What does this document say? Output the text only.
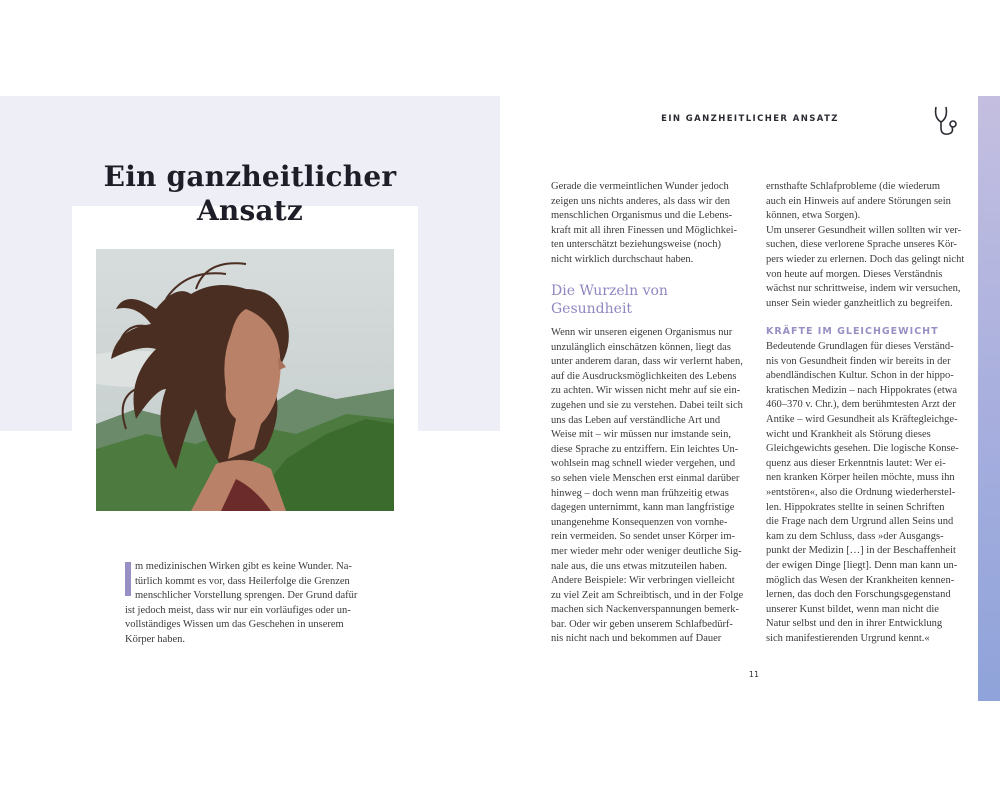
Ein ganzheitlicher
Ansatz
m medizinischen Wirken gibt es keine Wunder. Na-
türlich kommt es vor, dass Heilerfolge die Grenzen
menschlicher Vorstellung sprengen. Der Grund dafür
ist jedoch meist, dass wir nur ein vorläufiges oder un-
vollständiges Wissen um das Geschehen in unserem
Körper haben.
EIN GANZHEITLICHER ANSATZ
Gerade die vermeintlichen Wunder jedoch
zeigen uns nichts anderes, als dass wir den
menschlichen Organismus und die Lebens-
kraft mit all ihren Finessen und Möglichkei-
ten unterschätzt beziehungsweise (noch)
nicht wirklich durchschaut haben.
Die Wurzeln von
Gesundheit
Wenn wir unseren eigenen Organismus nur
unzulänglich einschätzen können, liegt das
unter anderem daran, dass wir verlernt haben,
auf die Ausdrucksmöglichkeiten des Lebens
zu achten. Wir wissen nicht mehr auf sie ein-
zugehen und sie zu verstehen. Dabei teilt sich
uns das Leben auf verständliche Art und
Weise mit – wir müssen nur imstande sein,
diese Sprache zu entziffern. Ein leichtes Un-
wohlsein mag schnell wieder vergehen, und
so sehen viele Menschen erst einmal darüber
hinweg – doch wenn man frühzeitig etwas
dagegen unternimmt, kann man langfristige
unangenehme Konsequenzen von vornhe-
rein vermeiden. So sendet unser Körper im-
mer wieder mehr oder weniger deutliche Sig-
nale aus, die uns etwas mitzuteilen haben.
Andere Beispiele: Wir verbringen vielleicht
zu viel Zeit am Schreibtisch, und in der Folge
machen sich Nackenverspannungen bemerk-
bar. Oder wir geben unserem Schlafbedürf-
nis nicht nach und bekommen auf Dauer
ernsthafte Schlafprobleme (die wiederum
auch ein Hinweis auf andere Störungen sein
können, etwa Sorgen).
Um unserer Gesundheit willen sollten wir ver-
suchen, diese verlorene Sprache unseres Kör-
pers wieder zu erlernen. Doch das gelingt nicht
von heute auf morgen. Dieses Verständnis
wächst nur schrittweise, indem wir versuchen,
unser Sein wieder ganzheitlich zu begreifen.
KRÄFTE IM GLEICHGEWICHT
Bedeutende Grundlagen für dieses Verständ-
nis von Gesundheit finden wir bereits in der
abendländischen Kultur. Schon in der hippo-
kratischen Medizin – nach Hippokrates (etwa
460–370 v. Chr.), dem berühmtesten Arzt der
Antike – wird Gesundheit als Kräftegleichge-
wicht und Krankheit als Störung dieses
Gleichgewichts gesehen. Die logische Konse-
quenz aus dieser Erkenntnis lautet: Wer ei-
nen kranken Körper heilen möchte, muss ihn
»entstören«, also die Ordnung wiederherstel-
len. Hippokrates stellte in seinen Schriften
die Frage nach dem Urgrund allen Seins und
kam zu dem Schluss, dass »der Ausgangs-
punkt der Medizin […] in der Beschaffenheit
der ewigen Dinge [liegt]. Denn man kann un-
möglich das Wesen der Krankheiten kennen-
lernen, das doch den Forschungsgegenstand
unserer Kunst bildet, wenn man nicht die
Natur selbst und den in ihrer Entwicklung
sich manifestierenden Urgrund kennt.«
11
